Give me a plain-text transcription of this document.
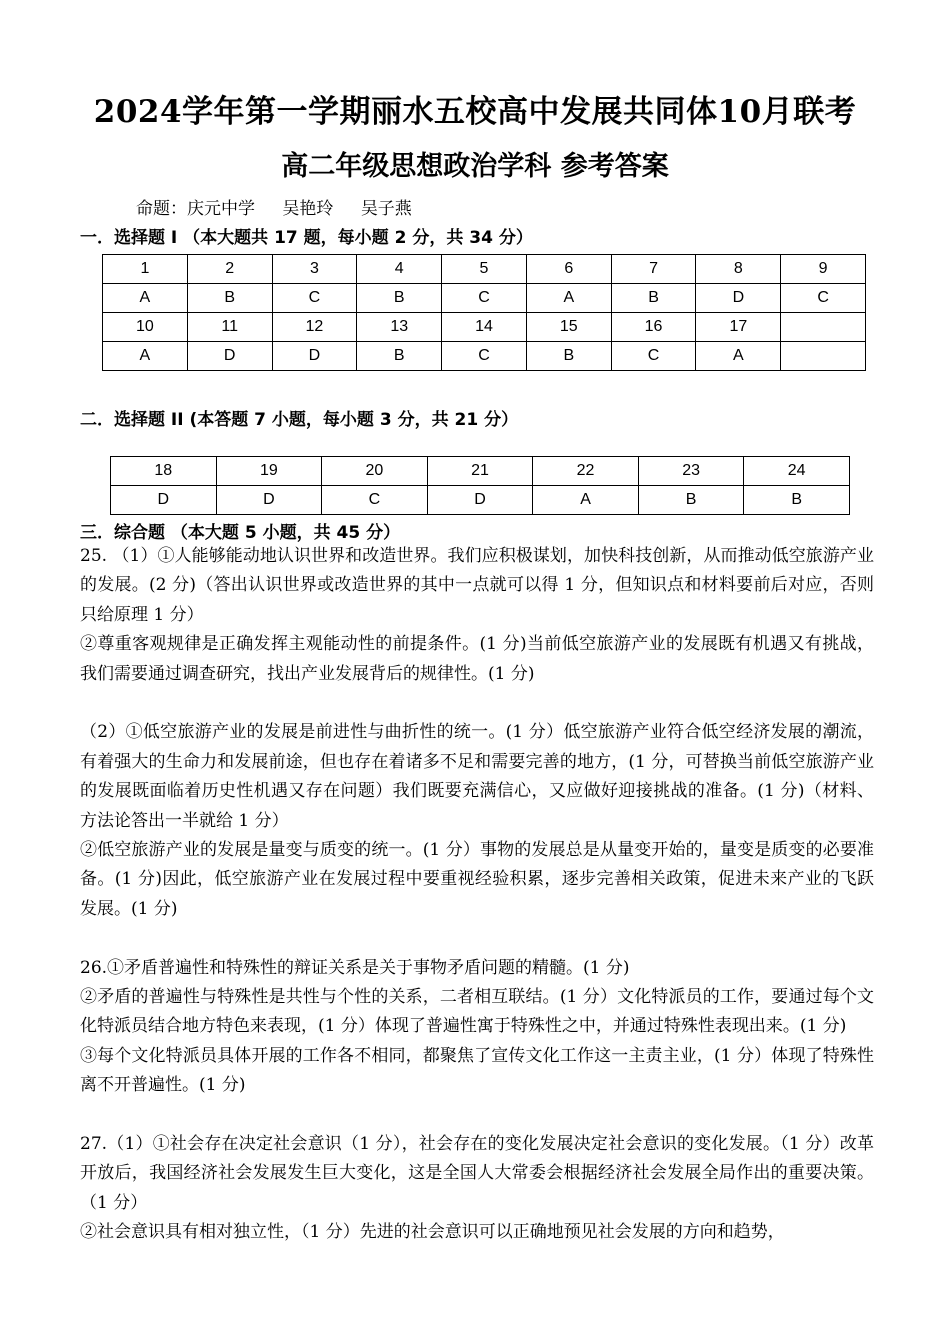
2024学年第一学期丽水五校高中发展共同体10月联考
高二年级思想政治学科 参考答案
命题：庆元中学 吴艳玲 吴子燕
一．选择题 I （本大题共 17 题，每小题 2 分，共 34 分）
1	2	3	4	5	6	7	8	9
A	B	C	B	C	A	B	D	C
10	11	12	13	14	15	16	17	
A	D	D	B	C	B	C	A	
二．选择题 II (本答题 7 小题，每小题 3 分，共 21 分）
18	19	20	21	22	23	24
D	D	C	D	A	B	B
三．综合题 （本大题 5 小题，共 45 分）

25. （1）①人能够能动地认识世界和改造世界。我们应积极谋划，加快科技创新，从而推动低空旅游产业的发展。(2 分)（答出认识世界或改造世界的其中一点就可以得 1 分，但知识点和材料要前后对应，否则只给原理 1 分）

②尊重客观规律是正确发挥主观能动性的前提条件。(1 分)当前低空旅游产业的发展既有机遇又有挑战，我们需要通过调查研究，找出产业发展背后的规律性。(1 分)

（2）①低空旅游产业的发展是前进性与曲折性的统一。(1 分）低空旅游产业符合低空经济发展的潮流，有着强大的生命力和发展前途，但也存在着诸多不足和需要完善的地方，(1 分，可替换当前低空旅游产业的发展既面临着历史性机遇又存在问题）我们既要充满信心，又应做好迎接挑战的准备。(1 分)（材料、方法论答出一半就给 1 分）

②低空旅游产业的发展是量变与质变的统一。(1 分）事物的发展总是从量变开始的，量变是质变的必要准备。(1 分)因此，低空旅游产业在发展过程中要重视经验积累，逐步完善相关政策，促进未来产业的飞跃发展。(1 分)

26.①矛盾普遍性和特殊性的辩证关系是关于事物矛盾问题的精髓。(1 分)

②矛盾的普遍性与特殊性是共性与个性的关系，二者相互联结。(1 分）文化特派员的工作，要通过每个文化特派员结合地方特色来表现，(1 分）体现了普遍性寓于特殊性之中，并通过特殊性表现出来。(1 分)

③每个文化特派员具体开展的工作各不相同，都聚焦了宣传文化工作这一主责主业，(1 分）体现了特殊性离不开普遍性。(1 分)

27.（1）①社会存在决定社会意识（1 分），社会存在的变化发展决定社会意识的变化发展。（1 分）改革开放后，我国经济社会发展发生巨大变化，这是全国人大常委会根据经济社会发展全局作出的重要决策。（1 分）

②社会意识具有相对独立性，（1 分）先进的社会意识可以正确地预见社会发展的方向和趋势，
